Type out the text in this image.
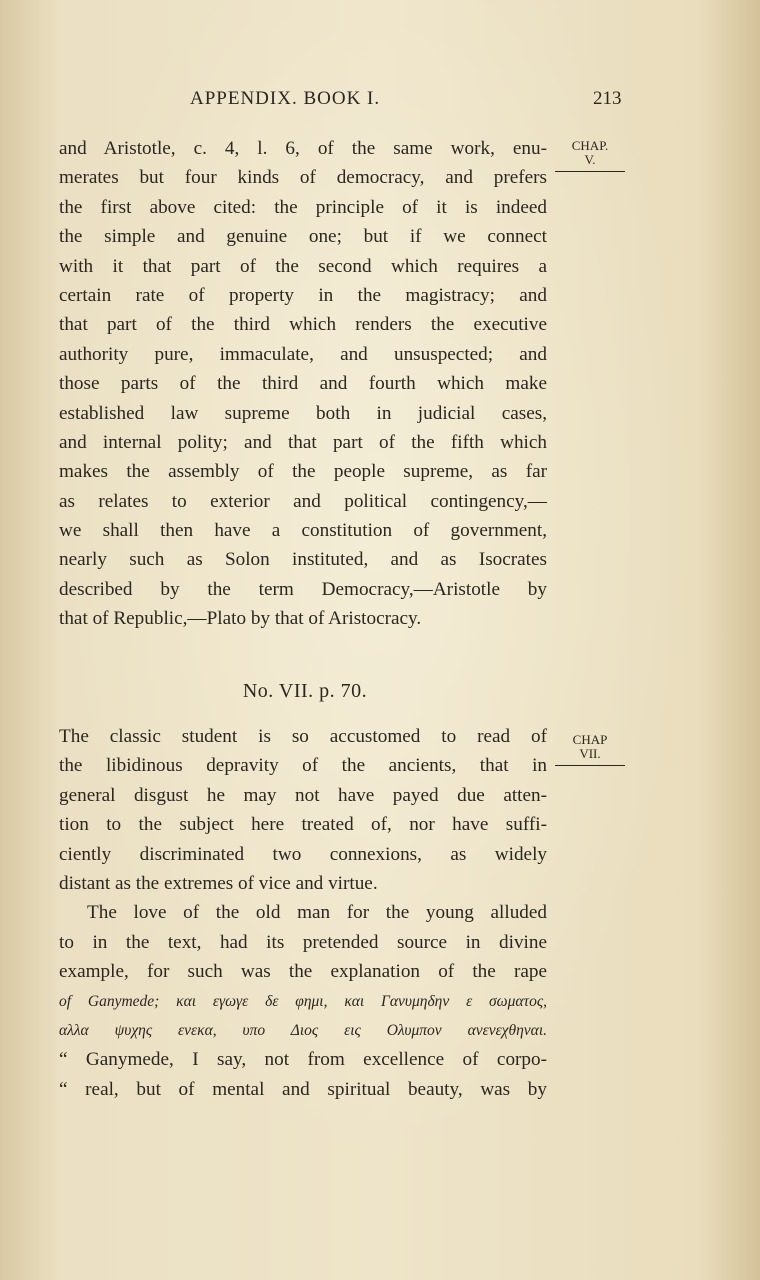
APPENDIX. BOOK I.	213
CHAP.
V.
and Aristotle, c. 4, l. 6, of the same work, enu-
merates but four kinds of democracy, and prefers
the first above cited: the principle of it is indeed
the simple and genuine one; but if we connect
with it that part of the second which requires a
certain rate of property in the magistracy; and
that part of the third which renders the executive
authority pure, immaculate, and unsuspected; and
those parts of the third and fourth which make
established law supreme both in judicial cases,
and internal polity; and that part of the fifth which
makes the assembly of the people supreme, as far
as relates to exterior and political contingency,—
we shall then have a constitution of government,
nearly such as Solon instituted, and as Isocrates
described by the term Democracy,—Aristotle by
that of Republic,—Plato by that of Aristocracy.
No. VII. p. 70.
CHAP
VII.
The classic student is so accustomed to read of
the libidinous depravity of the ancients, that in
general disgust he may not have payed due atten-
tion to the subject here treated of, nor have suffi-
ciently discriminated two connexions, as widely
distant as the extremes of vice and virtue.
The love of the old man for the young alluded
to in the text, had its pretended source in divine
example, for such was the explanation of the rape
of Ganymede; και εγωγε δε φημι, και Γανυμηδην ε σωματος,
αλλα ψυχης ενεκα, υπο Διος εις Ολυμπον ανενεχθηναι.
“ Ganymede, I say, not from excellence of corpo-
“ real, but of mental and spiritual beauty, was by
